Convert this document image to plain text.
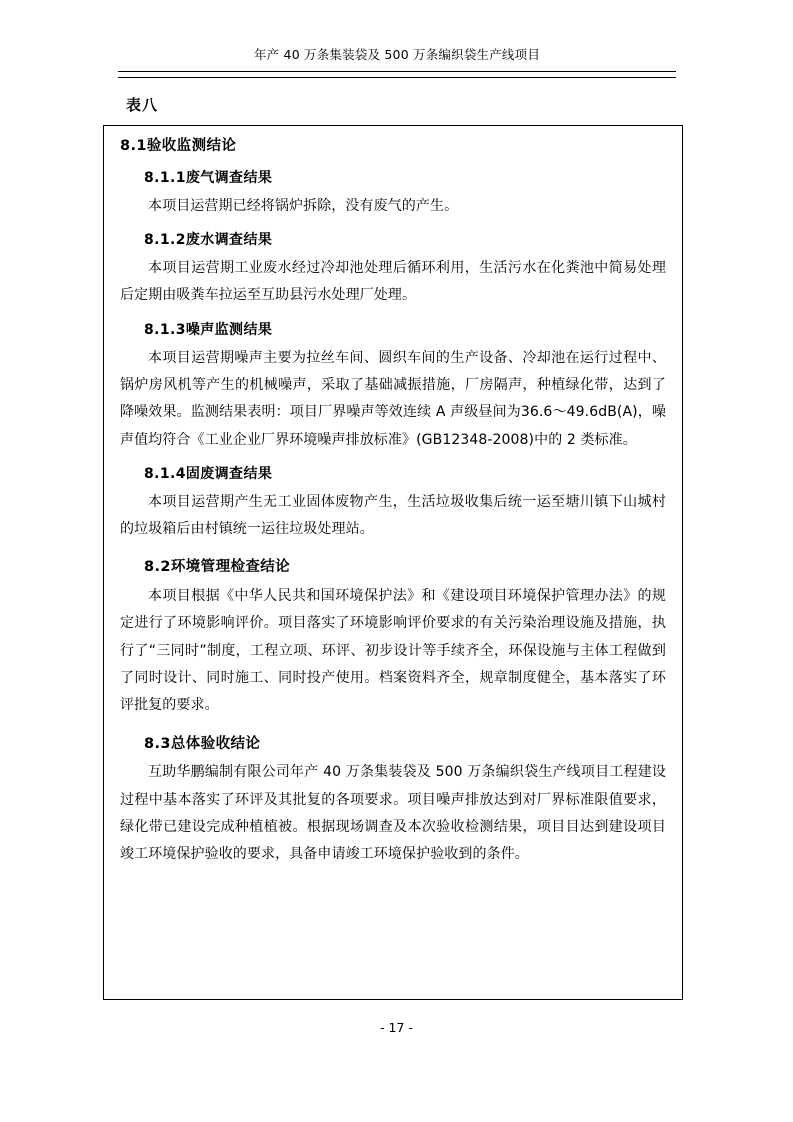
年产 40 万条集装袋及 500 万条编织袋生产线项目
表八
8.1验收监测结论
8.1.1废气调查结果

本项目运营期已经将锅炉拆除，没有废气的产生。

8.1.2废水调查结果

本项目运营期工业废水经过冷却池处理后循环利用，生活污水在化粪池中简易处理后定期由吸粪车拉运至互助县污水处理厂处理。

8.1.3噪声监测结果

本项目运营期噪声主要为拉丝车间、圆织车间的生产设备、冷却池在运行过程中、锅炉房风机等产生的机械噪声，采取了基础减振措施，厂房隔声，种植绿化带，达到了降噪效果。监测结果表明：项目厂界噪声等效连续 A 声级昼间为36.6～49.6dB(A)，噪声值均符合《工业企业厂界环境噪声排放标准》(GB12348-2008)中的 2 类标准。

8.1.4固废调查结果

本项目运营期产生无工业固体废物产生，生活垃圾收集后统一运至塘川镇下山城村的垃圾箱后由村镇统一运往垃圾处理站。

8.2环境管理检查结论

本项目根据《中华人民共和国环境保护法》和《建设项目环境保护管理办法》的规定进行了环境影响评价。项目落实了环境影响评价要求的有关污染治理设施及措施，执行了“三同时”制度，工程立项、环评、初步设计等手续齐全，环保设施与主体工程做到了同时设计、同时施工、同时投产使用。档案资料齐全，规章制度健全，基本落实了环评批复的要求。

8.3总体验收结论

互助华鹏编制有限公司年产 40 万条集装袋及 500 万条编织袋生产线项目工程建设过程中基本落实了环评及其批复的各项要求。项目噪声排放达到对厂界标准限值要求，绿化带已建设完成种植植被。根据现场调查及本次验收检测结果，项目目达到建设项目竣工环境保护验收的要求，具备申请竣工环境保护验收到的条件。

- 17 -
